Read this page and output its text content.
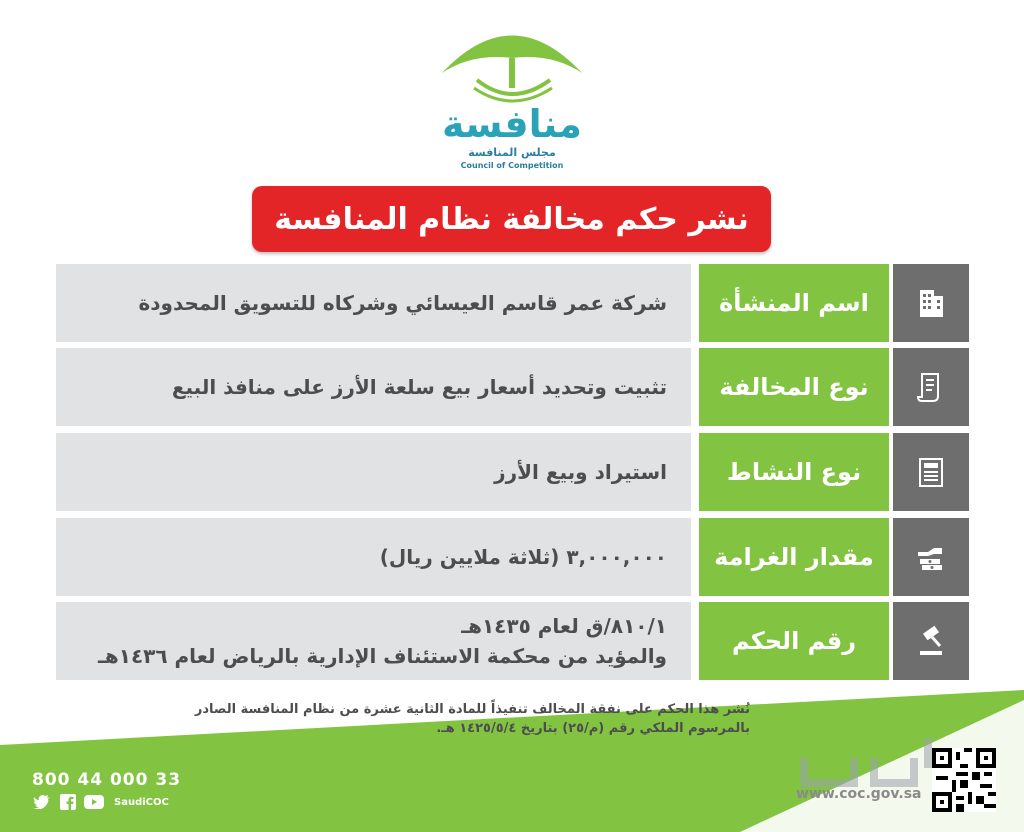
منافسة
مجلس المنافسة
Council of Competition
نشر حكم مخالفة نظام المنافسة
اسم المنشأة
شركة عمر قاسم العيسائي وشركاه للتسويق المحدودة
نوع المخالفة
تثبيت وتحديد أسعار بيع سلعة الأرز على منافذ البيع
نوع النشاط
استيراد وبيع الأرز
مقدار الغرامة
٣,٠٠٠,٠٠٠ (ثلاثة ملايين ريال)
رقم الحكم
٨١٠/١/ق لعام ١٤٣٥هـ
والمؤيد من محكمة الاستئناف الإدارية بالرياض لعام ١٤٣٦هـ
نُشر هذا الحكم على نفقة المخالف تنفيذاً للمادة الثانية عشرة من نظام المنافسة الصادر
بالمرسوم الملكي رقم (م/٢٥) بتاريخ ١٤٢٥/٥/٤ هـ.
800 44 000 33
SaudiCOC	www.coc.gov.sa
